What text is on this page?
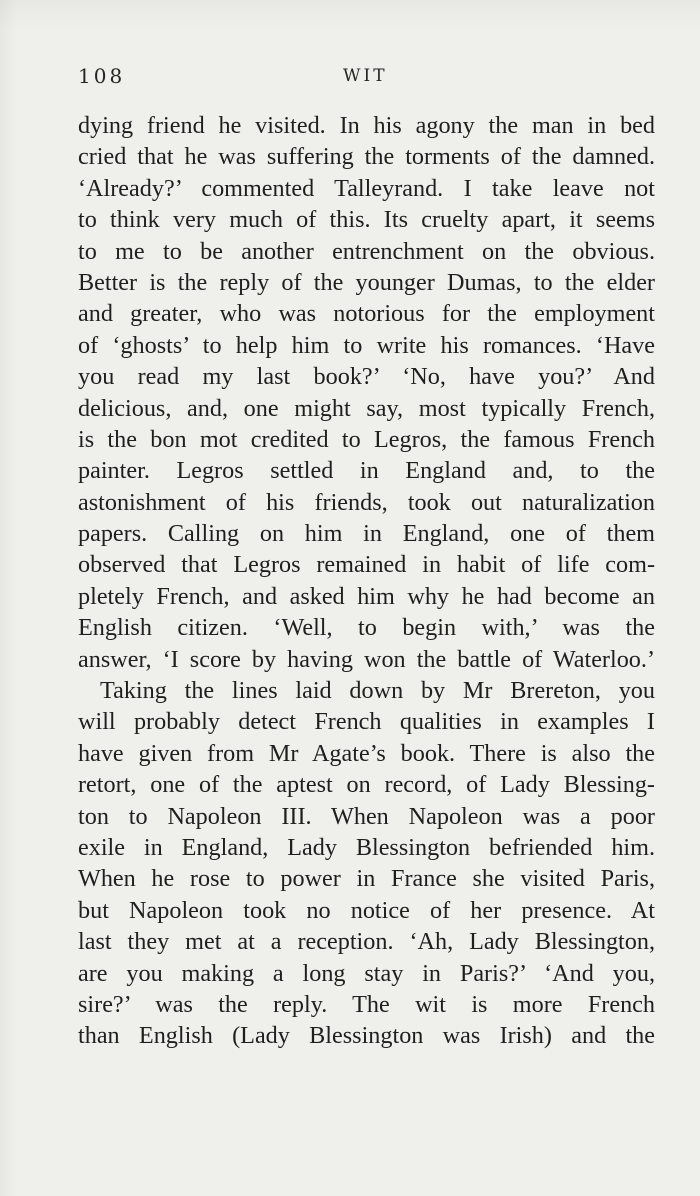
108	WIT
dying friend he visited. In his agony the man in bed
cried that he was suffering the torments of the damned.
‘Already?’ commented Talleyrand. I take leave not
to think very much of this. Its cruelty apart, it seems
to me to be another entrenchment on the obvious.
Better is the reply of the younger Dumas, to the elder
and greater, who was notorious for the employment
of ‘ghosts’ to help him to write his romances. ‘Have
you read my last book?’ ‘No, have you?’ And
delicious, and, one might say, most typically French,
is the bon mot credited to Legros, the famous French
painter. Legros settled in England and, to the
astonishment of his friends, took out naturalization
papers. Calling on him in England, one of them
observed that Legros remained in habit of life com-
pletely French, and asked him why he had become an
English citizen. ‘Well, to begin with,’ was the
answer, ‘I score by having won the battle of Waterloo.’
Taking the lines laid down by Mr Brereton, you
will probably detect French qualities in examples I
have given from Mr Agate’s book. There is also the
retort, one of the aptest on record, of Lady Blessing-
ton to Napoleon III. When Napoleon was a poor
exile in England, Lady Blessington befriended him.
When he rose to power in France she visited Paris,
but Napoleon took no notice of her presence. At
last they met at a reception. ‘Ah, Lady Blessington,
are you making a long stay in Paris?’ ‘And you,
sire?’ was the reply. The wit is more French
than English (Lady Blessington was Irish) and the
